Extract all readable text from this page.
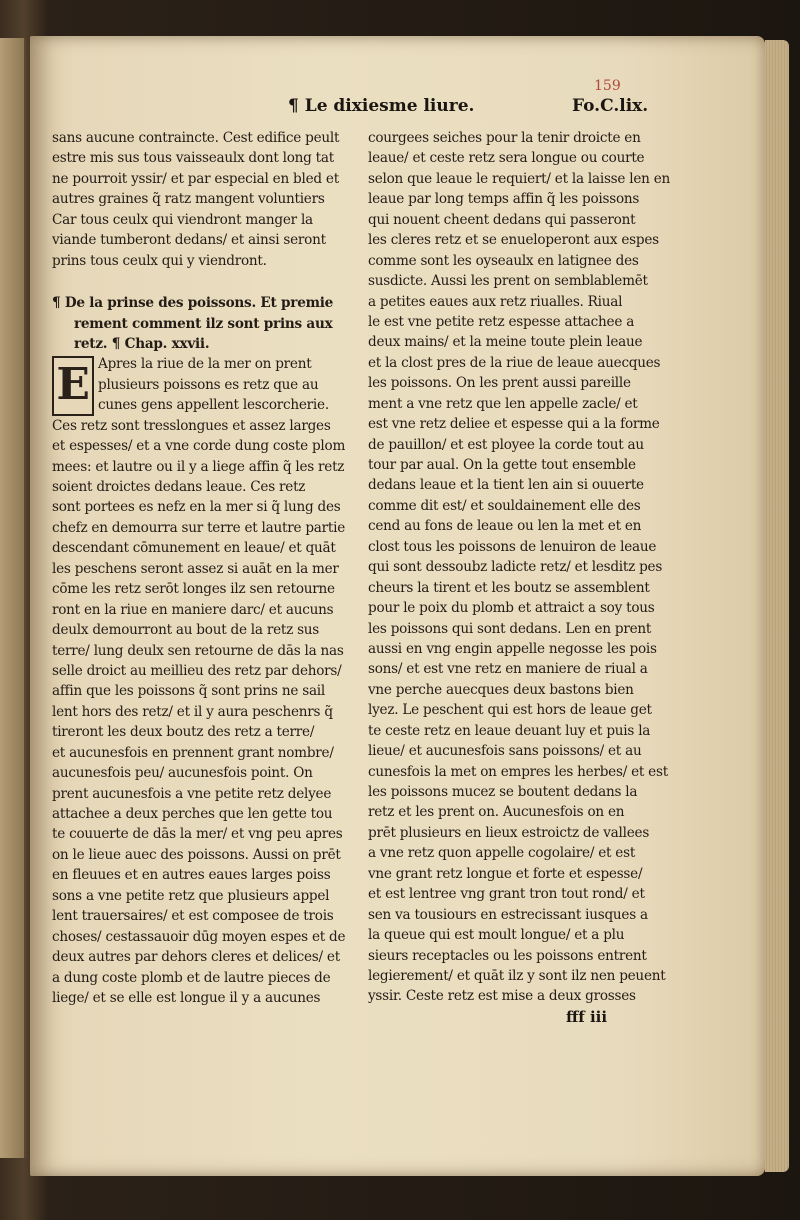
159
¶ Le dixiesme liure.	Fo.C.lix.
sans aucune contraincte. Cest edifice peult
estre mis sus tous vaisseaulx dont long tat
ne pourroit yssir/ et par especial en bled et
autres graines q̃ ratz mangent voluntiers
Car tous ceulx qui viendront manger la
viande tumberont dedans/ et ainsi seront
prins tous ceulx qui y viendront.
¶ De la prinse des poissons. Et premie
rement comment ilz sont prins aux
retz. ¶ Chap. xxvii.
E Apres la riue de la mer on prent
plusieurs poissons es retz que au
cunes gens appellent lescorcherie.
Ces retz sont tresslongues et assez larges
et espesses/ et a vne corde dung coste plom
mees: et lautre ou il y a liege affin q̃ les retz
soient droictes dedans leaue. Ces retz
sont portees es nefz en la mer si q̃ lung des
chefz en demourra sur terre et lautre partie
descendant cōmunement en leaue/ et quāt
les peschens seront assez si auāt en la mer
cōme les retz serōt longes ilz sen retourne
ront en la riue en maniere darc/ et aucuns
deulx demourront au bout de la retz sus
terre/ lung deulx sen retourne de dās la nas
selle droict au meillieu des retz par dehors/
affin que les poissons q̃ sont prins ne sail
lent hors des retz/ et il y aura peschenrs q̃
tireront les deux boutz des retz a terre/
et aucunesfois en prennent grant nombre/
aucunesfois peu/ aucunesfois point. On
prent aucunesfois a vne petite retz delyee
attachee a deux perches que len gette tou
te couuerte de dās la mer/ et vng peu apres
on le lieue auec des poissons. Aussi on prēt
en fleuues et en autres eaues larges poiss
sons a vne petite retz que plusieurs appel
lent trauersaires/ et est composee de trois
choses/ cestassauoir dūg moyen espes et de
deux autres par dehors cleres et delices/ et
a dung coste plomb et de lautre pieces de
liege/ et se elle est longue il y a aucunes
courgees seiches pour la tenir droicte en
leaue/ et ceste retz sera longue ou courte
selon que leaue le requiert/ et la laisse len en
leaue par long temps affin q̃ les poissons
qui nouent cheent dedans qui passeront
les cleres retz et se enueloperont aux espes
comme sont les oyseaulx en latignee des
susdicte. Aussi les prent on semblablemēt
a petites eaues aux retz riualles. Riual
le est vne petite retz espesse attachee a
deux mains/ et la meine toute plein leaue
et la clost pres de la riue de leaue auecques
les poissons. On les prent aussi pareille
ment a vne retz que len appelle zacle/ et
est vne retz deliee et espesse qui a la forme
de pauillon/ et est ployee la corde tout au
tour par aual. On la gette tout ensemble
dedans leaue et la tient len ain si ouuerte
comme dit est/ et souldainement elle des
cend au fons de leaue ou len la met et en
clost tous les poissons de lenuiron de leaue
qui sont dessoubz ladicte retz/ et lesditz pes
cheurs la tirent et les boutz se assemblent
pour le poix du plomb et attraict a soy tous
les poissons qui sont dedans. Len en prent
aussi en vng engin appelle negosse les pois
sons/ et est vne retz en maniere de riual a
vne perche auecques deux bastons bien
lyez. Le peschent qui est hors de leaue get
te ceste retz en leaue deuant luy et puis la
lieue/ et aucunesfois sans poissons/ et au
cunesfois la met on empres les herbes/ et est
les poissons mucez se boutent dedans la
retz et les prent on. Aucunesfois on en
prēt plusieurs en lieux estroictz de vallees
a vne retz quon appelle cogolaire/ et est
vne grant retz longue et forte et espesse/
et est lentree vng grant tron tout rond/ et
sen va tousiours en estrecissant iusques a
la queue qui est moult longue/ et a plu
sieurs receptacles ou les poissons entrent
legierement/ et quāt ilz y sont ilz nen peuent
yssir. Ceste retz est mise a deux grosses
fff iii
